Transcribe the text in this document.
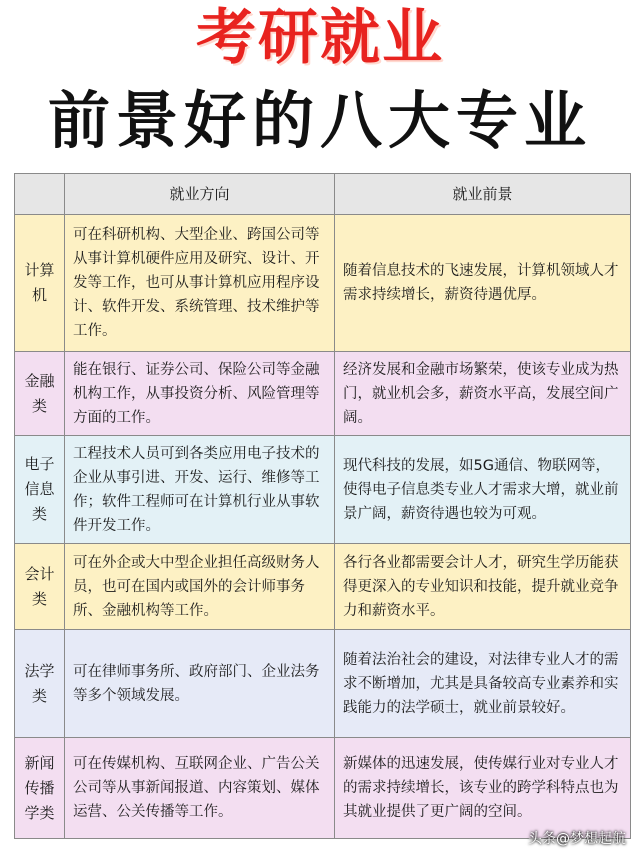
考研就业
前景好的八大专业
	就业方向	就业前景
计算机	可在科研机构、大型企业、跨国公司等从事计算机硬件应用及研究、设计、开发等工作，也可从事计算机应用程序设计、软件开发、系统管理、技术维护等工作。	随着信息技术的飞速发展，计算机领域人才需求持续增长，薪资待遇优厚。
金融类	能在银行、证券公司、保险公司等金融机构工作，从事投资分析、风险管理等方面的工作。	经济发展和金融市场繁荣，使该专业成为热门，就业机会多，薪资水平高，发展空间广阔。
电子信息类	工程技术人员可到各类应用电子技术的企业从事引进、开发、运行、维修等工作；软件工程师可在计算机行业从事软件开发工作。	现代科技的发展，如5G通信、物联网等，使得电子信息类专业人才需求大增，就业前景广阔，薪资待遇也较为可观。
会计类	可在外企或大中型企业担任高级财务人员，也可在国内或国外的会计师事务所、金融机构等工作。	各行各业都需要会计人才，研究生学历能获得更深入的专业知识和技能，提升就业竞争力和薪资水平。
法学类	可在律师事务所、政府部门、企业法务等多个领域发展。	随着法治社会的建设，对法律专业人才的需求不断增加，尤其是具备较高专业素养和实践能力的法学硕士，就业前景较好。
新闻传播学类	可在传媒机构、互联网企业、广告公关公司等从事新闻报道、内容策划、媒体运营、公关传播等工作。	新媒体的迅速发展，使传媒行业对专业人才的需求持续增长，该专业的跨学科特点也为其就业提供了更广阔的空间。
头条@梦想起航
